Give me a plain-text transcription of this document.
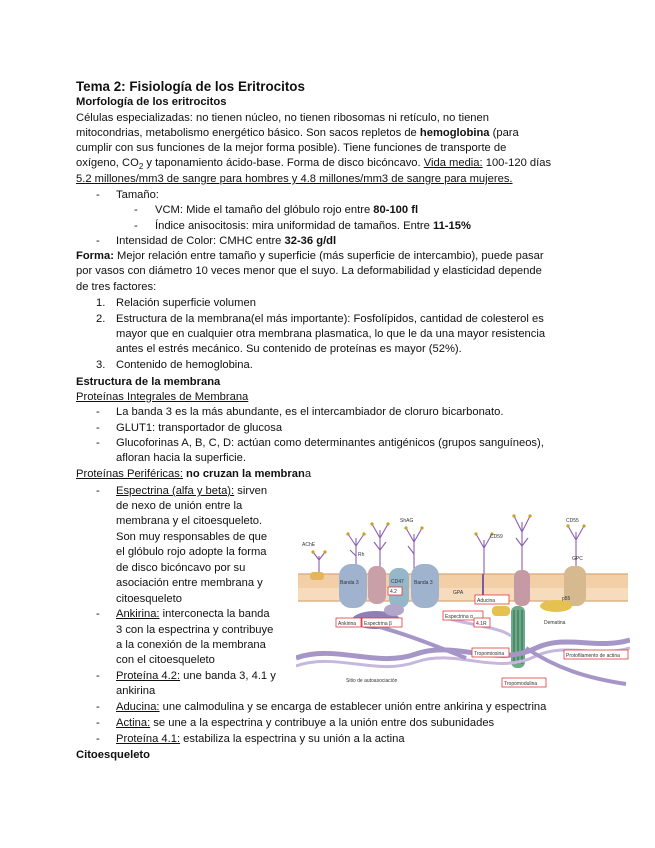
Tema 2: Fisiología de los Eritrocitos
Morfología de los eritrocitos
Células especializadas: no tienen núcleo, no tienen ribosomas ni retículo, no tienen
mitocondrias, metabolismo energético básico. Son sacos repletos de hemoglobina (para
cumplir con sus funciones de la mejor forma posible). Tiene funciones de transporte de
oxígeno, $CO_2$ y taponamiento ácido-base. Forma de disco bicóncavo. Vida media: 100-120 días
5.2 millones/mm3 de sangre para hombres y 4.8 millones/mm3 de sangre para mujeres.
- Tamaño:
- VCM: Mide el tamaño del glóbulo rojo entre 80-100 fl
- Índice anisocitosis: mira uniformidad de tamaños. Entre 11-15%
- Intensidad de Color: CMHC entre 32-36 g/dl
Forma: Mejor relación entre tamaño y superficie (más superficie de intercambio), puede pasar
por vasos con diámetro 10 veces menor que el suyo. La deformabilidad y elasticidad depende
de tres factores:
1. Relación superficie volumen
2. Estructura de la membrana(el más importante): Fosfolípidos, cantidad de colesterol es
mayor que en cualquier otra membrana plasmatica, lo que le da una mayor resistencia
antes el estrés mecánico. Su contenido de proteínas es mayor (52%).
3. Contenido de hemoglobina.
Estructura de la membrana
Proteínas Integrales de Membrana
- La banda 3 es la más abundante, es el intercambiador de cloruro bicarbonato.
- GLUT1: transportador de glucosa
- Glucoforinas A, B, C, D: actúan como determinantes antigénicos (grupos sanguíneos),
afloran hacia la superficie.
Proteínas Periféricas: no cruzan la membrana
- Espectrina (alfa y beta): sirven
de nexo de unión entre la
membrana y el citoesqueleto.
Son muy responsables de que
el glóbulo rojo adopte la forma
de disco bicóncavo por su
asociación entre membrana y
citoesqueleto
- Ankirina: interconecta la banda
3 con la espectrina y contribuye
a la conexión de la membrana
con el citoesqueleto
- Proteína 4.2: une banda 3, 4.1 y
ankirina
- Aducina: une calmodulina y se encarga de establecer unión entre ankirina y espectrina
- Actina: se une a la espectrina y contribuye a la unión entre dos subunidades
- Proteína 4.1: estabiliza la espectrina y su unión a la actina
Citoesqueleto
AChE
Rh
ShAG
CD59
CD55
GPC
Banda 3	CD47 Banda 3
GPA
4.2
p55
Aducina
Dematina
Ankirina Espectrina β
Espectrina α
4.1R
Tropomiosina
Tropomodulina
Protofilamento de actina
Sitio de autoasociación
